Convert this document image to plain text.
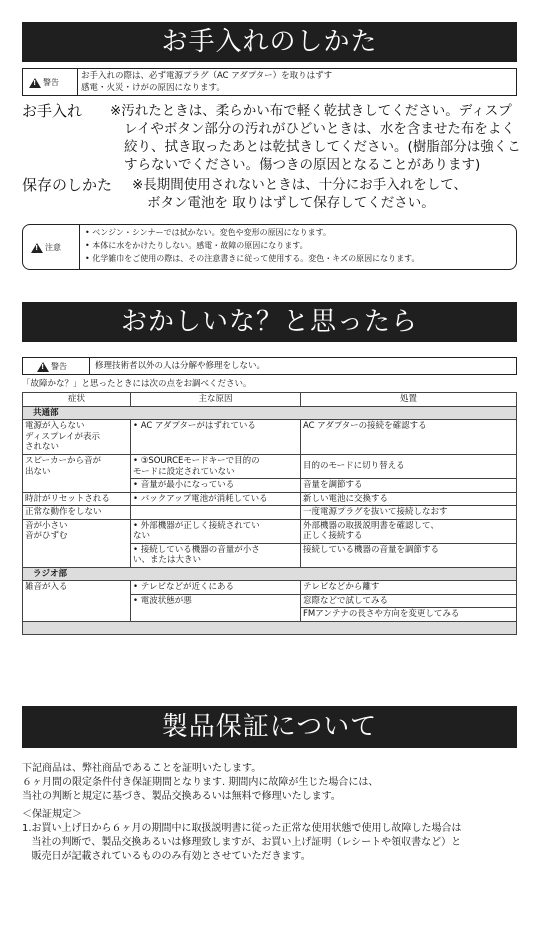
お手入れのしかた
!
警告
お手入れの際は、必ず電源プラグ（AC アダプター）を取りはずす
感電・火災・けがの原因になります。
お手入れ ※汚れたときは、柔らかい布で軽く乾拭きしてください。ディスプ
レイやボタン部分の汚れがひどいときは、水を含ませた布をよく
絞り、拭き取ったあとは乾拭きしてください。(樹脂部分は強くこ
すらないでください。傷つきの原因となることがあります)
保存のしかた ※長期間使用されないときは、十分にお手入れをして、
ボタン電池を 取りはずして保存してください。
!
注意
• ベンジン・シンナーでは拭かない。変色や変形の原因になります。
• 本体に水をかけたりしない。感電・故障の原因になります。
• 化学雑巾をご使用の際は、その注意書きに従って使用する。変色・キズの原因になります。
おかしいな？と思ったら
!
警告	修理技術者以外の人は分解や修理をしない。
「故障かな？」と思ったときには次の点をお調べください。
症状	主な原因	処置
共通部		
電源が入らない
ディスプレイが表示
されない	• AC アダプターがはずれている	AC アダプターの接続を確認する
スピーカーから音が
出ない	• ③SOURCEモードキーで目的の
モードに設定されていない	目的のモードに切り替える
	• 音量が最小になっている	音量を調節する
時計がリセットされる	• バックアップ電池が消耗している	新しい電池に交換する
正常な動作をしない		一度電源プラグを抜いて接続しなおす
音が小さい
音がひずむ	• 外部機器が正しく接続されてい
ない	外部機器の取扱説明書を確認して、
正しく接続する
	• 接続している機器の音量が小さ
い、または大きい	接続している機器の音量を調節する
ラジオ部		
雑音が入る	• テレビなどが近くにある	テレビなどから離す
	• 電波状態が悪	窓際などで試してみる
		FMアンテナの長さや方向を変更してみる

製品保証について
下記商品は、弊社商品であることを証明いたします。
６ヶ月間の限定条件付き保証期間となります. 期間内に故障が生じた場合には、
当社の判断と規定に基づき、製品交換あるいは無料で修理いたします。
＜保証規定＞
1.お買い上げ日から６ヶ月の期間中に取扱説明書に従った正常な使用状態で使用し故障した場合は
当社の判断で、製品交換あるいは修理致しますが、お買い上げ証明（レシートや領収書など）と
販売日が記載されているもののみ有効とさせていただきます。
